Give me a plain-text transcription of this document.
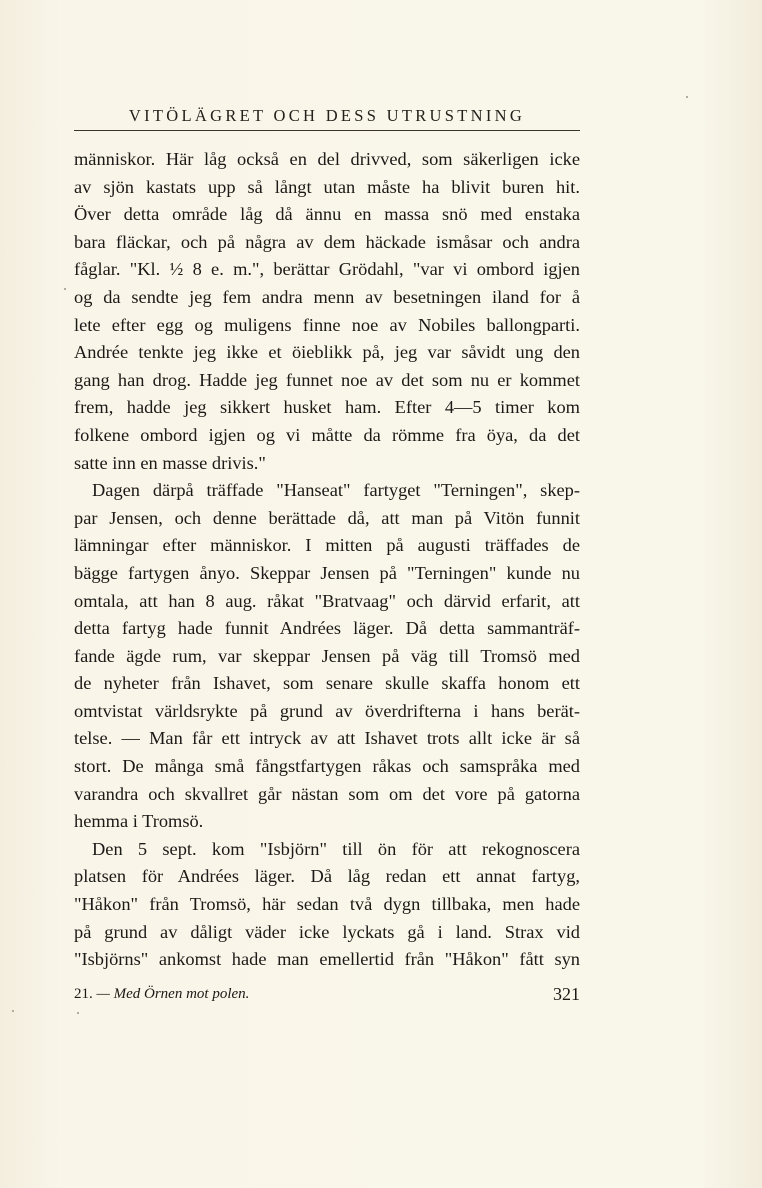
VITÖLÄGRET OCH DESS UTRUSTNING
människor. Här låg också en del drivved, som säkerligen icke
av sjön kastats upp så långt utan måste ha blivit buren hit.
Över detta område låg då ännu en massa snö med enstaka
bara fläckar, och på några av dem häckade ismåsar och andra
fåglar. "Kl. ½ 8 e. m.", berättar Grödahl, "var vi ombord igjen
og da sendte jeg fem andra menn av besetningen iland for å
lete efter egg og muligens finne noe av Nobiles ballongparti.
Andrée tenkte jeg ikke et öieblikk på, jeg var såvidt ung den
gang han drog. Hadde jeg funnet noe av det som nu er kommet
frem, hadde jeg sikkert husket ham. Efter 4—5 timer kom
folkene ombord igjen og vi måtte da römme fra öya, da det
satte inn en masse drivis."
Dagen därpå träffade "Hanseat" fartyget "Terningen", skep-
par Jensen, och denne berättade då, att man på Vitön funnit
lämningar efter människor. I mitten på augusti träffades de
bägge fartygen ånyo. Skeppar Jensen på "Terningen" kunde nu
omtala, att han 8 aug. råkat "Bratvaag" och därvid erfarit, att
detta fartyg hade funnit Andrées läger. Då detta sammanträf-
fande ägde rum, var skeppar Jensen på väg till Tromsö med
de nyheter från Ishavet, som senare skulle skaffa honom ett
omtvistat världsrykte på grund av överdrifterna i hans berät-
telse. — Man får ett intryck av att Ishavet trots allt icke är så
stort. De många små fångstfartygen råkas och samspråka med
varandra och skvallret går nästan som om det vore på gatorna
hemma i Tromsö.
Den 5 sept. kom "Isbjörn" till ön för att rekognoscera
platsen för Andrées läger. Då låg redan ett annat fartyg,
"Håkon" från Tromsö, här sedan två dygn tillbaka, men hade
på grund av dåligt väder icke lyckats gå i land. Strax vid
"Isbjörns" ankomst hade man emellertid från "Håkon" fått syn
21. — Med Örnen mot polen.	321
